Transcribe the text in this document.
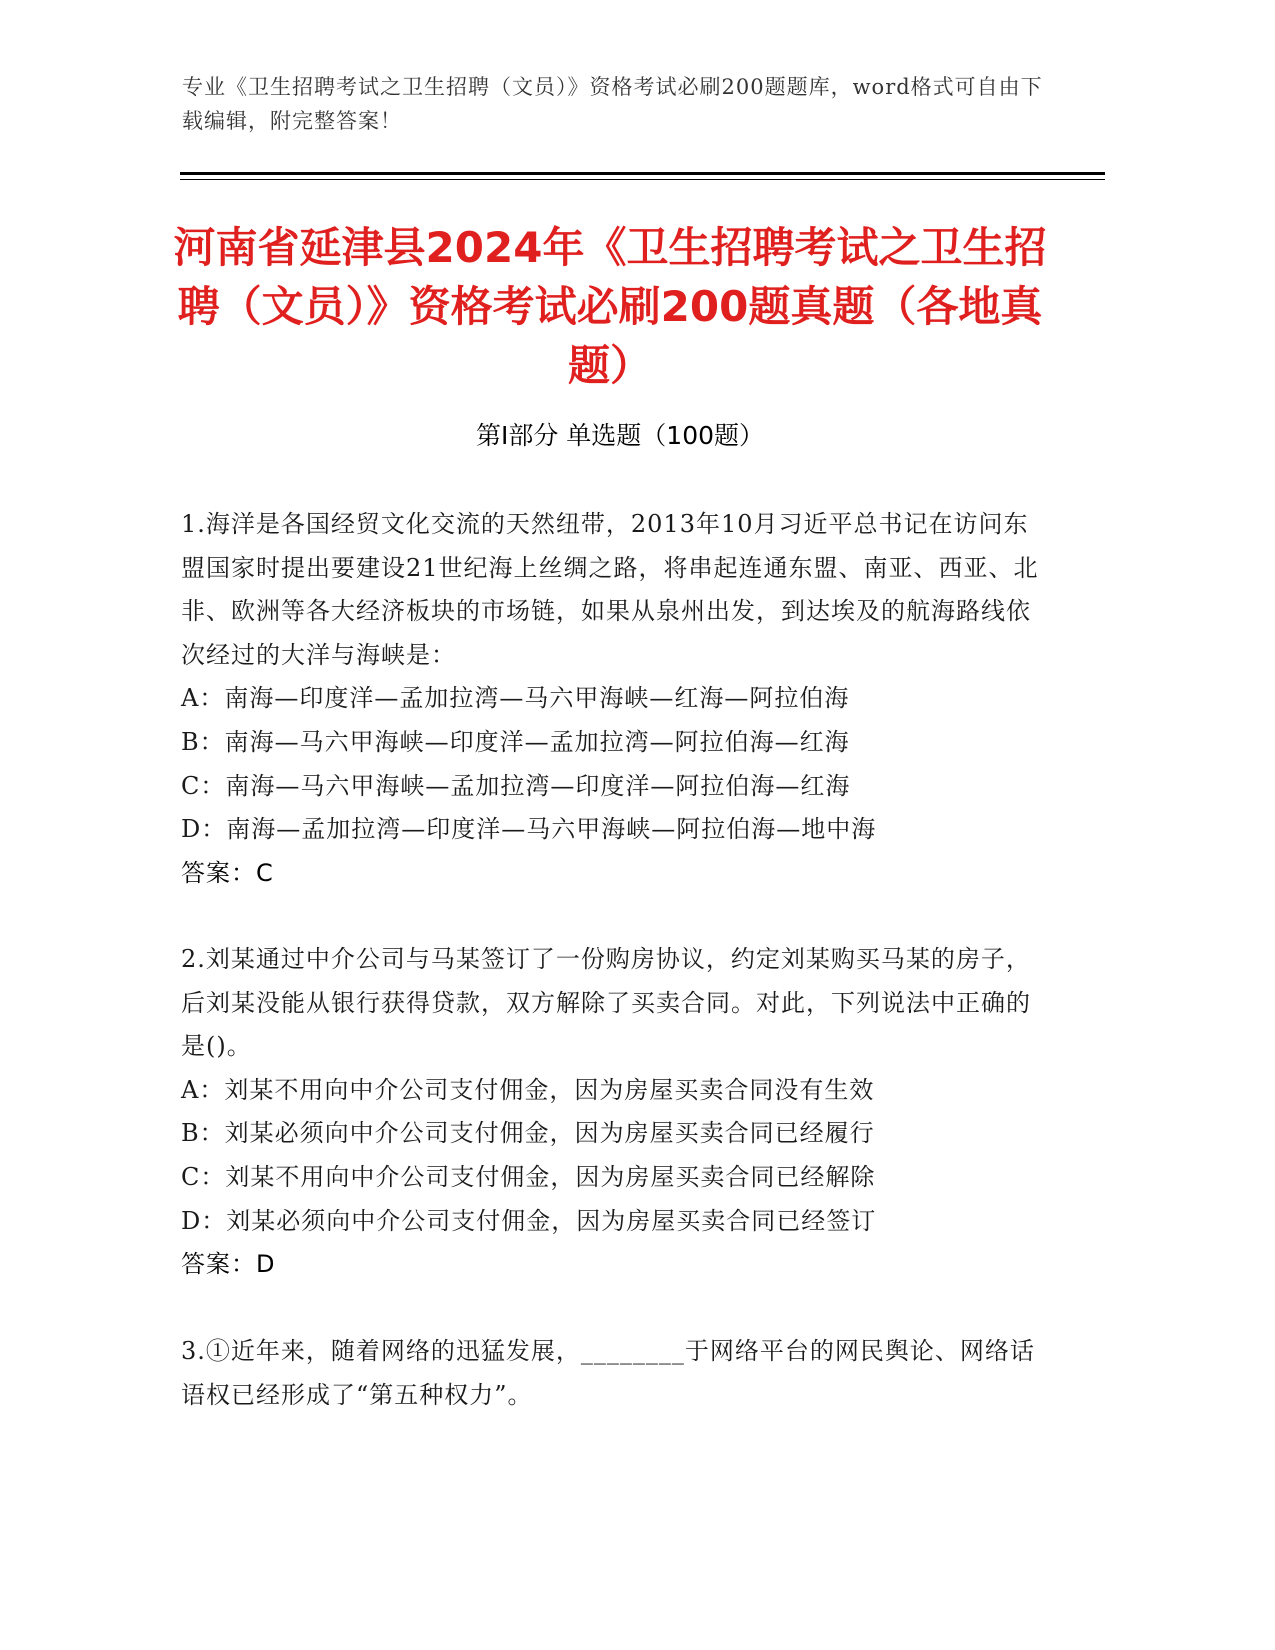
专业《卫生招聘考试之卫生招聘（文员）》资格考试必刷200题题库，word格式可自由下载编辑，附完整答案！
河南省延津县2024年《卫生招聘考试之卫生招聘（文员）》资格考试必刷200题真题（各地真题）
第I部分 单选题（100题）
1.海洋是各国经贸文化交流的天然纽带，2013年10月习近平总书记在访问东盟国家时提出要建设21世纪海上丝绸之路，将串起连通东盟、南亚、西亚、北非、欧洲等各大经济板块的市场链，如果从泉州出发，到达埃及的航海路线依次经过的大洋与海峡是：
A：南海—印度洋—孟加拉湾—马六甲海峡—红海—阿拉伯海
B：南海—马六甲海峡—印度洋—孟加拉湾—阿拉伯海—红海
C：南海—马六甲海峡—孟加拉湾—印度洋—阿拉伯海—红海
D：南海—孟加拉湾—印度洋—马六甲海峡—阿拉伯海—地中海
答案：C
2.刘某通过中介公司与马某签订了一份购房协议，约定刘某购买马某的房子，后刘某没能从银行获得贷款，双方解除了买卖合同。对此，下列说法中正确的是()。
A：刘某不用向中介公司支付佣金，因为房屋买卖合同没有生效
B：刘某必须向中介公司支付佣金，因为房屋买卖合同已经履行
C：刘某不用向中介公司支付佣金，因为房屋买卖合同已经解除
D：刘某必须向中介公司支付佣金，因为房屋买卖合同已经签订
答案：D
3.①近年来，随着网络的迅猛发展，________于网络平台的网民舆论、网络话语权已经形成了“第五种权力”。
